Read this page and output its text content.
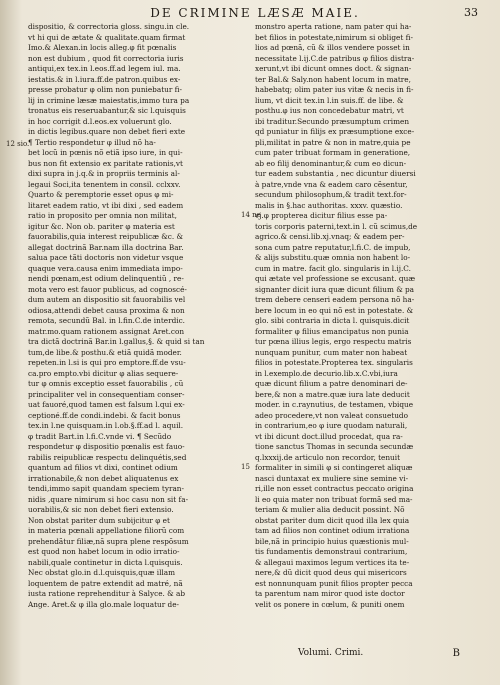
DE CRIMINE LÆSÆ MAIE.	33
dispositio, & correctoria gloss. singu.in cle.
vt hi qui de ætate & qualitate.quam firmat
Imo.& Alexan.in locis alleg.φ fit pœnalis
non est dubium , quod fit correctoria iuris
antiqui,ex tex.in l.eos.ff.ad legem iul. ma.
iestatis.& in l.iura.ff.de patron.quibus ex-
presse probatur φ olim non puniebatur fi-
lij in crimine læsæ maiestatis,immo tura pa
tronatus eis reseruabantur,& sic l.quisquis
in hoc corrigit d.l.eos.ex voluerunt glo.
in dictis legibus.quare non debet fieri exte
¶ Tertio respondetur φ illud nõ ha-
bet locũ in pœnis nõ etiã ipso iure, in qui-
bus non fit extensio ex paritate rationis,vt
dixi supra in j.q.& in propriis terminis al-
legaui Soci,ita tenentem in consil. cclxxv.
Quarto & peremptorie esset opus φ mi-
litaret eadem ratio, vt ibi dixi , sed eadem
ratio in proposito per omnia non militat,
igitur &c. Non ob. pariter φ materia est
fauorabilis,quia interest reipublicæ &c. &
allegat doctrinã Bar.nam illa doctrina Bar.
salua pace tãti doctoris non videtur vsque
quaque vera.causa enim immediata impo-
nendi pœnam,est odium delinquentiũ , re-
mota vero est fauor publicus, ad cognoscé-
dum autem an dispositio sit fauorabilis vel
odiosa,attendi debet causa proxima & non
remota, secundũ Bal. in l.fin.C.de interdic.
matr.mo.quam rationem assignat Aret.con
tra dictã doctrinã Bar.in l.gallus,§. & quid si tan
tum,de libe.& posthu.& etiã quidã moder.
repeten.in l.si is qui pro emptore.ff.de vsu-
ca.pro empto.vbi dicitur φ alias sequere-
tur φ omnis exceptio esset fauorabilis , cũ
principaliter vel in consequentiam conser-
uat fauoré,quod tamen est falsum l.qui ex-
ceptioné.ff.de condi.indebi. & facit bonus
tex.in l.ne quisquam.in l.ob.§.ff.ad l. aquil.
φ tradit Bart.in l.fi.C.vnde vi. ¶ Secũdo
respondetur φ dispositio pœnalis est fauo-
rabilis reipublicæ respectu delinquétis,sed
quantum ad filios vt dixi, continet odium
irrationabile,& non debet aliquatenus ex
tendi,immo sapit quandam speciem tyran-
nidis ,quare nimirum si hoc casu non sit fa-
uorabilis,& sic non debet fieri extensio.
Non obstat pariter dum subijcitur φ et
in materia pœnali appellatione filiorũ com
prehendãtur filiæ,nã supra plene respõsum
est quod non habet locum in odio irratio-
nabili,quale continetur in dicta l.quisquis.
Nec obstat glo.in d.l.quisquis,quæ illam
loquentem de patre extendit ad matré, nã
iusta ratione reprehenditur à Salyce. & ab
Ange. Aret.& φ illa glo.male loquatur de-
monstro aperta ratione, nam pater qui ha-
bet filios in potestate,nimirum si obliget fi-
lios ad pœnã, cũ & illos vendere posset in
necessitate l.ij.C.de patribus φ filios distra-
xerunt,vt ibi dicunt omnes doct. & signan-
ter Bal.& Saly.non habent locum in matre,
habebatq; olim pater ius vitæ & necis in fi-
lium, vt dicit tex.in l.in suis.ff. de libe. &
posthu.φ ius non concedebatur matri, vt
ibi traditur.Secundo præsumptum crimen
qd puniatur in filijs ex præsumptione exce-
pli,militat in patre & non in matre,quia pe
cum pater tribuat formam in generatione,
ab eo filij denominantur,& cum eo dicun-
tur eadem substantia , nec dicuntur diuersi
à patre,vnde vna & eadem caro cẽsentur,
secundum philosophum,& tradit text.for-
malis in §.hac authoritas. xxxv. quæstio.
vj.φ propterea dicitur filius esse pa-
toris corporis paterni,text.in l. cũ scimus,de
agrico.& censi.lib.xj.vnaq; & eadem per-
sona cum patre reputatur,l.fi.C. de impub,
& alijs substitu.quæ omnia non habent lo-
cum in matre. facit glo. singularis in l.ij.C.
qui ætate vel professione se excusant. quæ
signanter dicit iura quæ dicunt filium & pa
trem debere censeri eadem persona nõ ha-
bere locum in eo qui nõ est in potestate. &
glo. sibi contraria in dicta l. quisquis.dicit
formaliter φ filius emancipatus non punia
tur pœna illius legis, ergo respectu matris
nunquam punitur, cum mater non habeat
filios in potestate.Propterea tex. singularis
in l.exemplo.de decurio.lib.x.C.vbi,iura
quæ dicunt filium a patre denominari de-
bere,& non a matre.quæ iura late deducit
moder. in c.raynutius, de testamen, vbique
adeo procedere,vt non valeat consuetudo
in contrarium,eo φ iure quodam naturali,
vt ibi dicunt doct.illud procedat, qua ra-
tione sanctus Thomas in secunda secundæ
q.lxxxij.de articulo non recordor, tenuit
formaliter in simili φ si contingeret aliquæ
nasci duntaxat ex muliere sine semine vi-
ri,ille non esset contractus peccato origina
li eo quia mater non tribuat formã sed ma-
teriam & mulier alia deducit possint. Nõ
obstat pariter dum dicit quod illa lex quia
tam ad filios non continet odium irrationa
bile,nã in principio huius quæstionis mul-
tis fundamentis demonstraui contrarium,
& allegaui maximos legum vertices ita te-
nere,& dũ dicit quod deus qui misericors
est nonnunquam punit filios propter pecca
ta parentum nam miror quod iste doctor
velit os ponere in cœlum, & puniti onem
12 sio.
14 ne
15
Volumi. Crimi.	B
